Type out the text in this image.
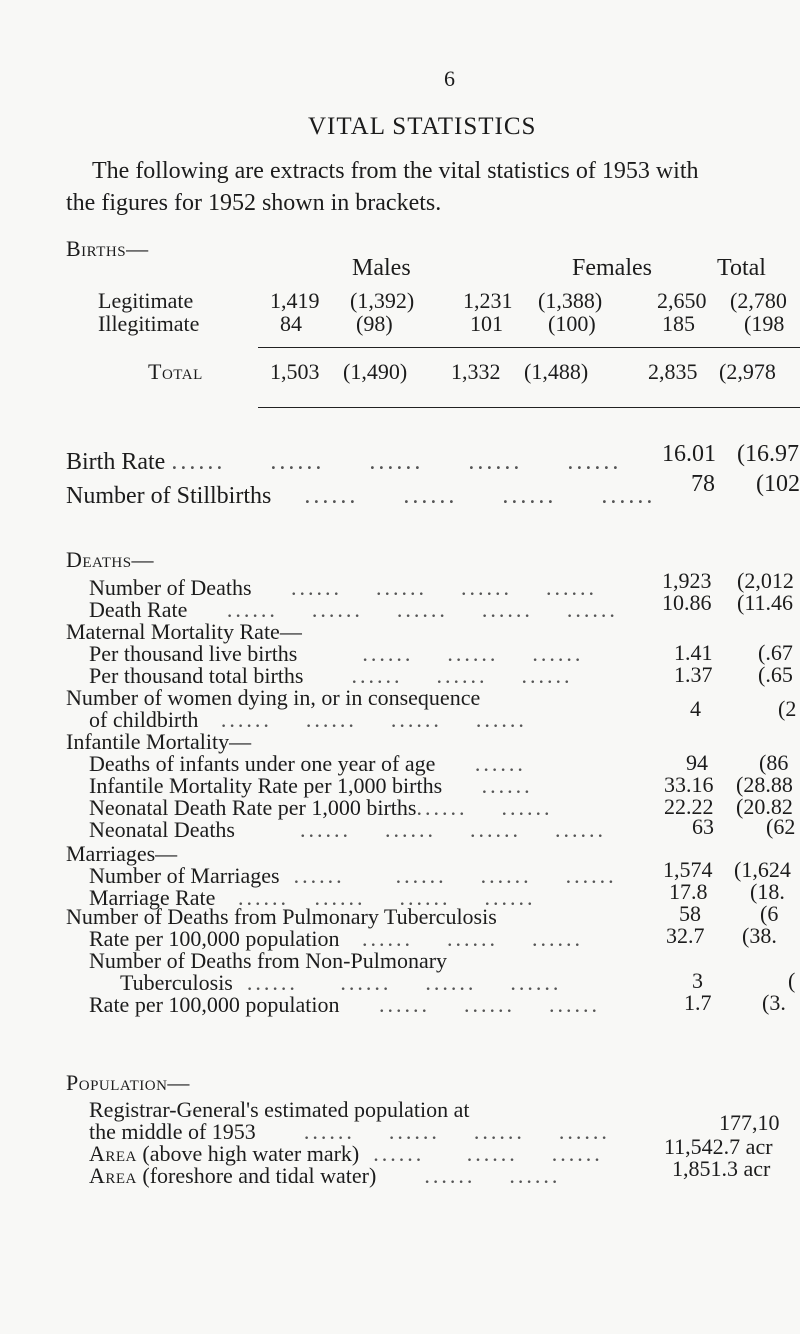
6
VITAL STATISTICS
The following are extracts from the vital statistics of 1953 with
the figures for 1952 shown in brackets.
Births—
Males	Females	Total
Legitimate	1,419	(1,392) 1,231 (1,388) 2,650 (2,780
Illegitimate	84 (98)	101 (100)	185 (198
Total	1,503 (1,490) 1,332 (1,488)	2,835 (2,978
Birth Rate ......     ......     ......     ......     ...... 16.01 (16.97
Number of Stillbirths    ......     ......     ......     ...... 78 (102
Deaths—
Number of Deaths     ......    ......    ......    ......	1,923 (2,012
Death Rate     ......    ......    ......    ......    ...... 10.86 (11.46
Maternal Mortality Rate—
Per thousand live births        ......    ......    ......	1.41 (.67
Per thousand total births      ......    ......    ......	1.37 (.65
Number of women dying in, or in consequence
of childbirth   ......    ......    ......    ......	4	(2
Infantile Mortality—
Deaths of infants under one year of age     ......	94 (86
Infantile Mortality Rate per 1,000 births     ......	33.16 (28.88
Neonatal Death Rate per 1,000 births......    ......	22.22 (20.82
Neonatal Deaths        ......    ......    ......    ......	63 (62
Marriages—
Number of Marriages  ......      ......    ......    ...... 1,574 (1,624
Marriage Rate   ......   ......    ......    ......	17.8 (18.
Number of Deaths from Pulmonary Tuberculosis	58	(6
Rate per 100,000 population   ......    ......    ......	32.7 (38.
Number of Deaths from Non-Pulmonary
Tuberculosis  ......     ......    ......    ......	3	(
Rate per 100,000 population     ......    ......    ......	1.7 (3.
Population—
Registrar-General's estimated population at
the middle of 1953      ......    ......    ......    ......	177,10
Area (above high water mark)  ......     ......    ......	11,542.7 acr
Area (foreshore and tidal water)      ......    ......	1,851.3 acr
